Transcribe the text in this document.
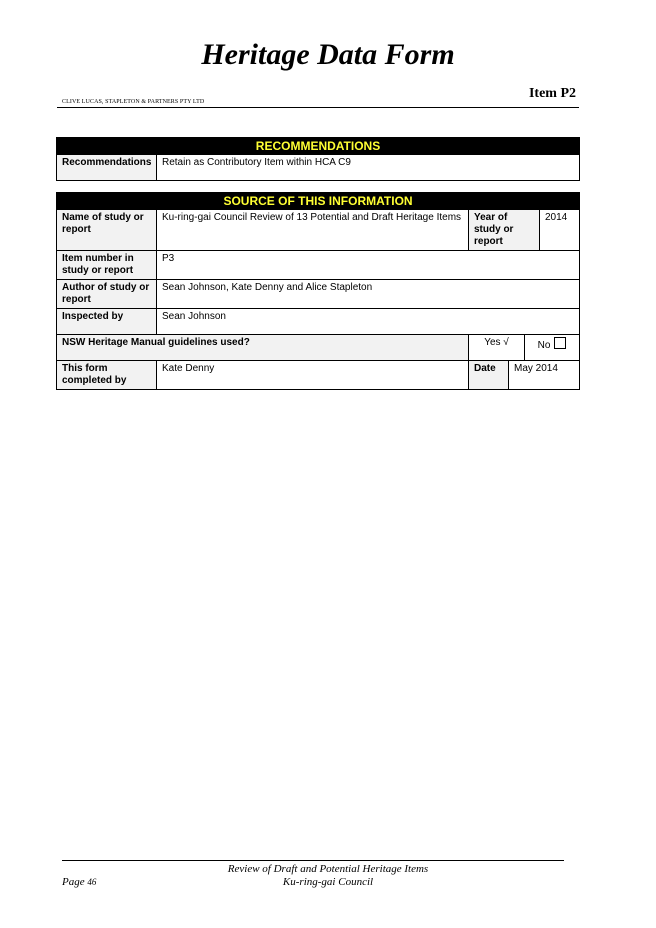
Heritage Data Form
Item P2
CLIVE LUCAS, STAPLETON & PARTNERS PTY LTD
RECOMMENDATIONS
Recommendations	Retain as Contributory Item within HCA C9
SOURCE OF THIS INFORMATION					
Name of study or report	Ku-ring-gai Council Review of 13 Potential and Draft Heritage Items	Year of study or report			2014
Item number in study or report	P3				
Author of study or report	Sean Johnson, Kate Denny and Alice Stapleton				
Inspected by	Sean Johnson				
NSW Heritage Manual guidelines used?		Yes √		No	
This form completed by	Kate Denny	Date	May 2014		
Review of Draft and Potential Heritage Items
Ku-ring-gai Council
Page 46
